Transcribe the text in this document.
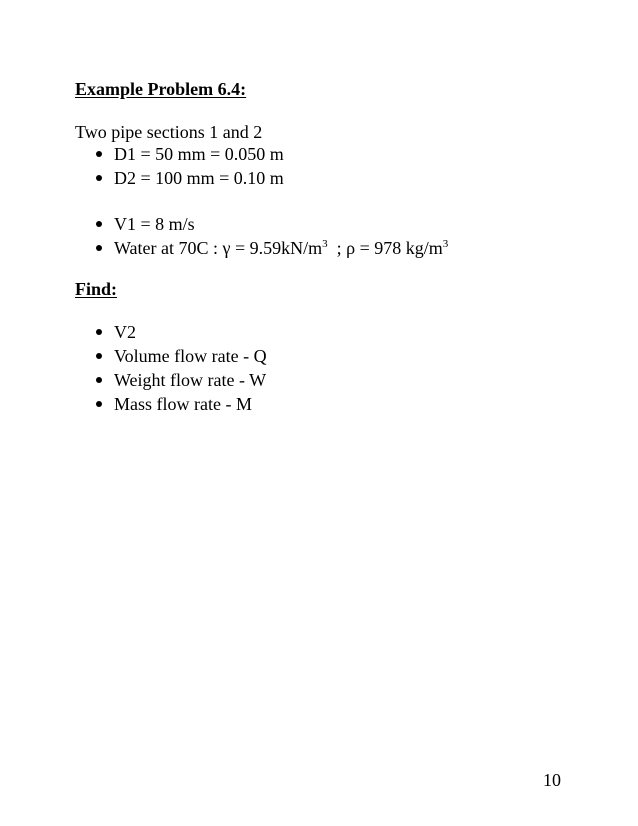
Example Problem 6.4:
Two pipe sections 1 and 2
D1 = 50 mm = 0.050 m
D2 = 100 mm = 0.10 m
V1 = 8 m/s
Water at 70C : $\gamma = 9.59kN/m^3$  ; ρ = 978 $kg/m^3$
Find:
V2
Volume flow rate - Q
Weight flow rate - W
Mass flow rate - M
10
